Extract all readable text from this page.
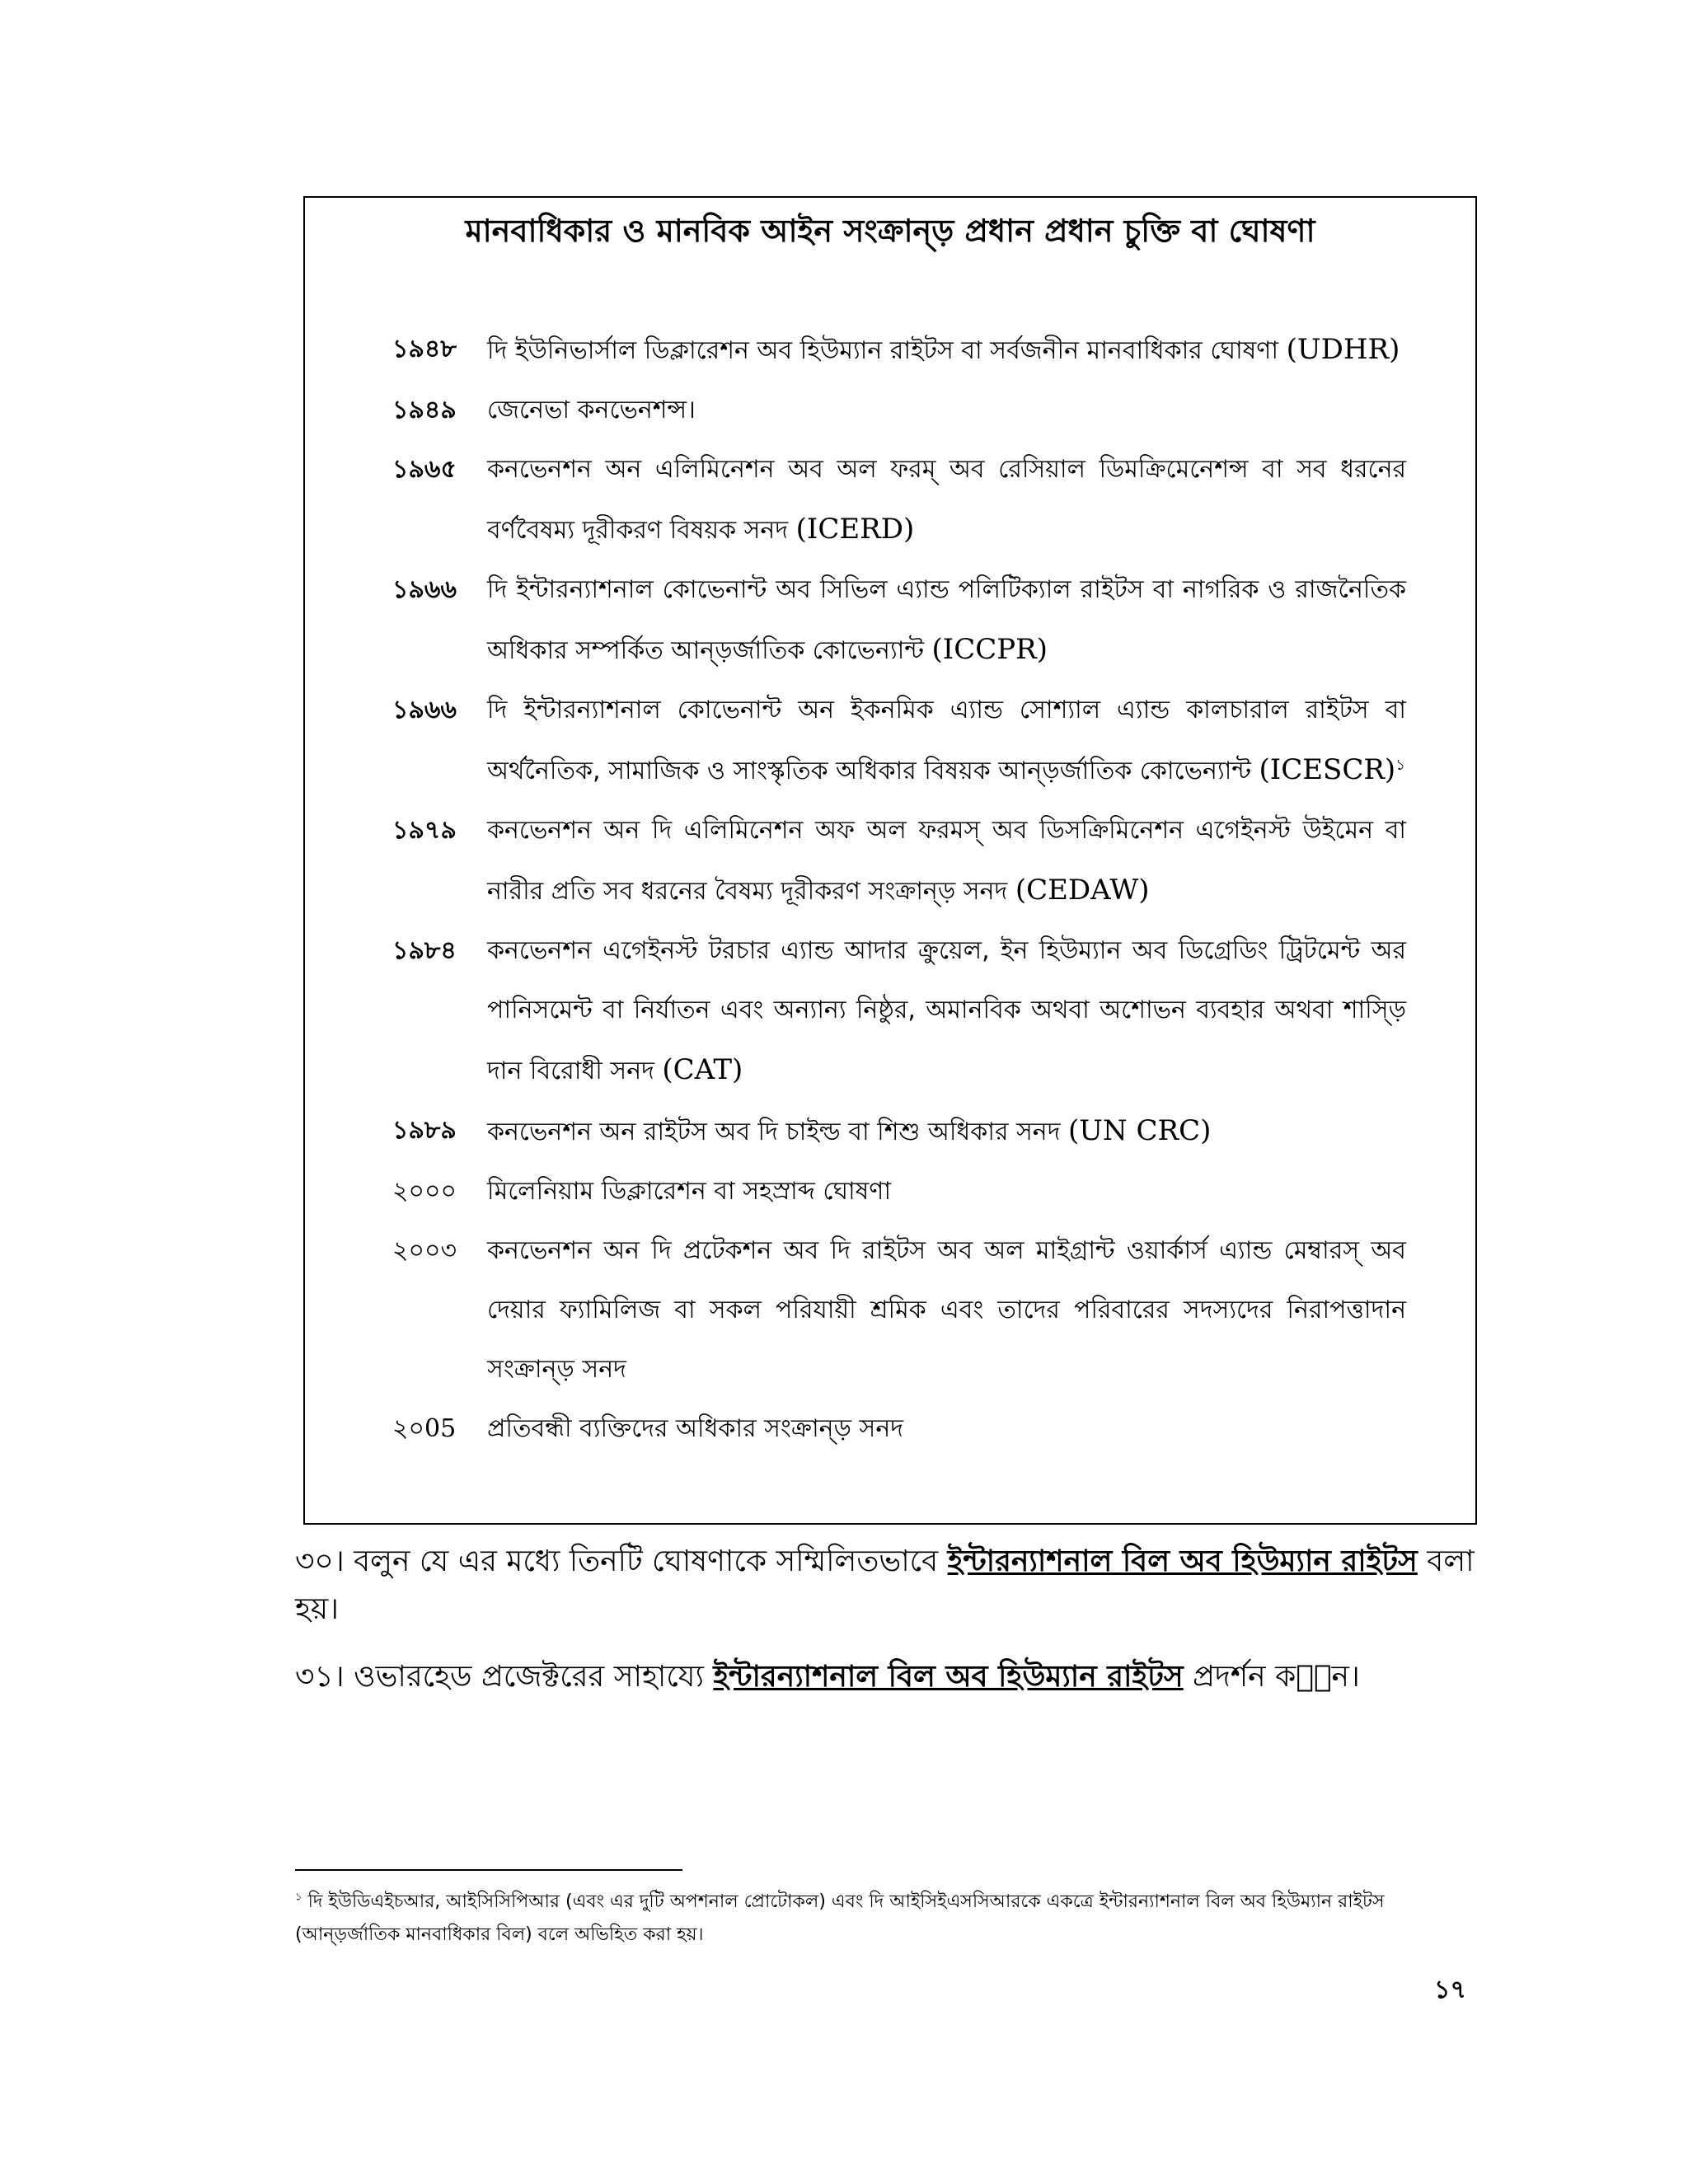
মানবাধিকার ও মানবিক আইন সংক্রান্ড় প্রধান প্রধান চুক্তি বা ঘোষণা
১৯৪৮	দি ইউনিভার্সাল ডিক্লারেশন অব হিউম্যান রাইটস বা সর্বজনীন মানবাধিকার ঘোষণা (UDHR)
১৯৪৯	জেনেভা কনভেনশন্স।
১৯৬৫	কনভেনশন অন এলিমিনেশন অব অল ফরম্ অব রেসিয়াল ডিমক্রিমেনেশন্স বা সব ধরনের বর্ণবৈষম্য দূরীকরণ বিষয়ক সনদ (ICERD)
১৯৬৬	দি ইন্টারন্যাশনাল কোভেনান্ট অব সিভিল এ্যান্ড পলিটিক্যাল রাইটস বা নাগরিক ও রাজনৈতিক অধিকার সম্পর্কিত আন্ড়র্জাতিক কোভেন্যান্ট (ICCPR)
১৯৬৬	দি ইন্টারন্যাশনাল কোভেনান্ট অন ইকনমিক এ্যান্ড সোশ্যাল এ্যান্ড কালচারাল রাইটস বা অর্থনৈতিক, সামাজিক ও সাংস্কৃতিক অধিকার বিষয়ক আন্ড়র্জাতিক কোভেন্যান্ট (ICESCR)$^১$
১৯৭৯	কনভেনশন অন দি এলিমিনেশন অফ অল ফরমস্ অব ডিসক্রিমিনেশন এগেইনস্ট উইমেন বা নারীর প্রতি সব ধরনের বৈষম্য দূরীকরণ সংক্রান্ড় সনদ (CEDAW)
১৯৮৪	কনভেনশন এগেইনস্ট টরচার এ্যান্ড আদার ক্রুয়েল, ইন হিউম্যান অব ডিগ্রেডিং ট্রিটমেন্ট অর পানিসমেন্ট বা নির্যাতন এবং অন্যান্য নিষ্ঠুর, অমানবিক অথবা অশোভন ব্যবহার অথবা শাস্ড়ি দান বিরোধী সনদ (CAT)
১৯৮৯	কনভেনশন অন রাইটস অব দি চাইল্ড বা শিশু অধিকার সনদ (UN CRC)
২০০০	মিলেনিয়াম ডিক্লারেশন বা সহস্রাব্দ ঘোষণা
২০০৩	কনভেনশন অন দি প্রটেকশন অব দি রাইটস অব অল মাইগ্রান্ট ওয়ার্কার্স এ্যান্ড মেম্বারস্ অব দেয়ার ফ্যামিলিজ বা সকল পরিযায়ী শ্রমিক এবং তাদের পরিবারের সদস্যদের নিরাপত্তাদান সংক্রান্ড় সনদ
২০05	প্রতিবন্ধী ব্যক্তিদের অধিকার সংক্রান্ড় সনদ
৩০। বলুন যে এর মধ্যে তিনটি ঘোষণাকে সম্মিলিতভাবে ইন্টারন্যাশনাল বিল অব হিউম্যান রাইটস বলা হয়।
৩১। ওভারহেড প্রজেক্টরের সাহায্যে ইন্টারন্যাশনাল বিল অব হিউম্যান রাইটস প্রদর্শন কর͔ন।
$^১$ দি ইউডিএইচআর, আইসিসিপিআর (এবং এর দুটি অপশনাল প্রোটোকল) এবং দি আইসিইএসসিআরকে একত্রে ইন্টারন্যাশনাল বিল অব হিউম্যান রাইটস (আন্ড়র্জাতিক মানবাধিকার বিল) বলে অভিহিত করা হয়।
১৭
